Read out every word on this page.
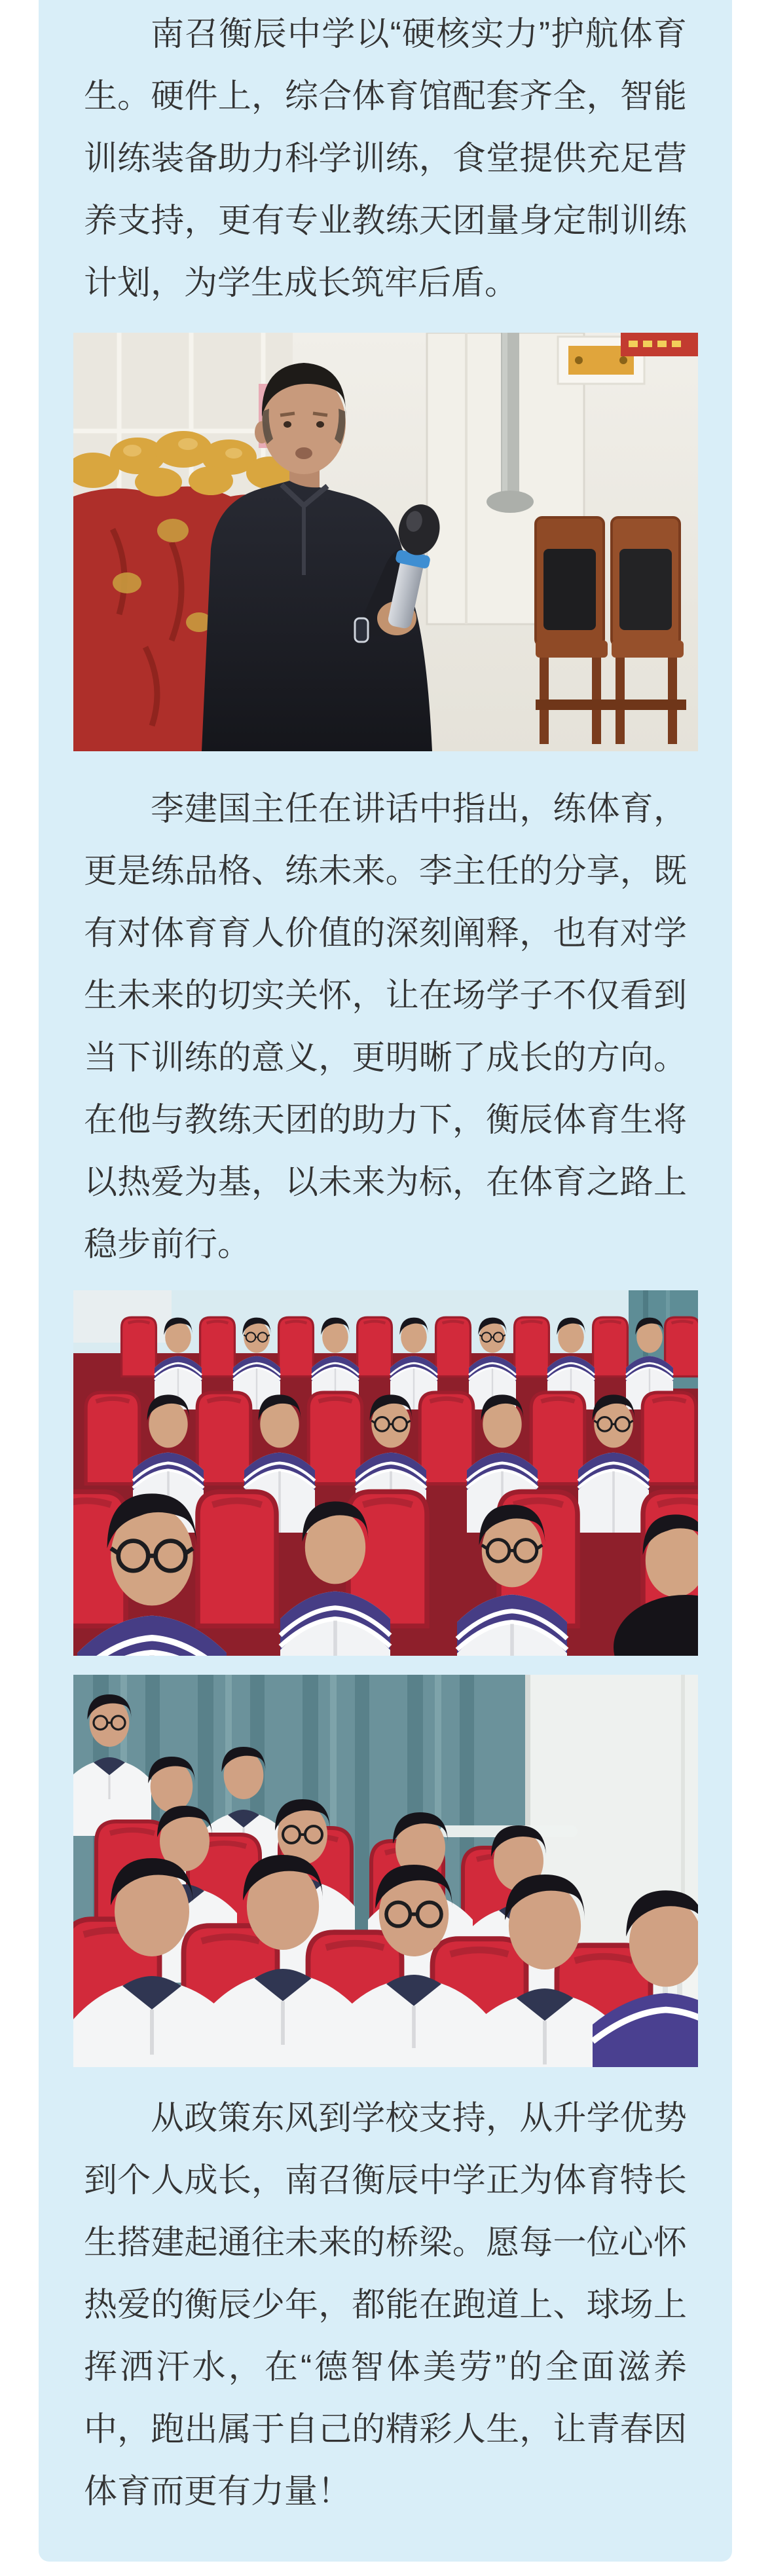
南召衡辰中学以“硬核实力”护航体育生。硬件上，综合体育馆配套齐全，智能训练装备助力科学训练，食堂提供充足营养支持，更有专业教练天团量身定制训练计划，为学生成长筑牢后盾。

李建国主任在讲话中指出，练体育，更是练品格、练未来。李主任的分享，既有对体育育人价值的深刻阐释，也有对学生未来的切实关怀，让在场学子不仅看到当下训练的意义，更明晰了成长的方向。在他与教练天团的助力下，衡辰体育生将以热爱为基，以未来为标，在体育之路上稳步前行。

从政策东风到学校支持，从升学优势到个人成长，南召衡辰中学正为体育特长生搭建起通往未来的桥梁。愿每一位心怀热爱的衡辰少年，都能在跑道上、球场上挥洒汗水，在“德智体美劳”的全面滋养中，跑出属于自己的精彩人生，让青春因体育而更有力量！
